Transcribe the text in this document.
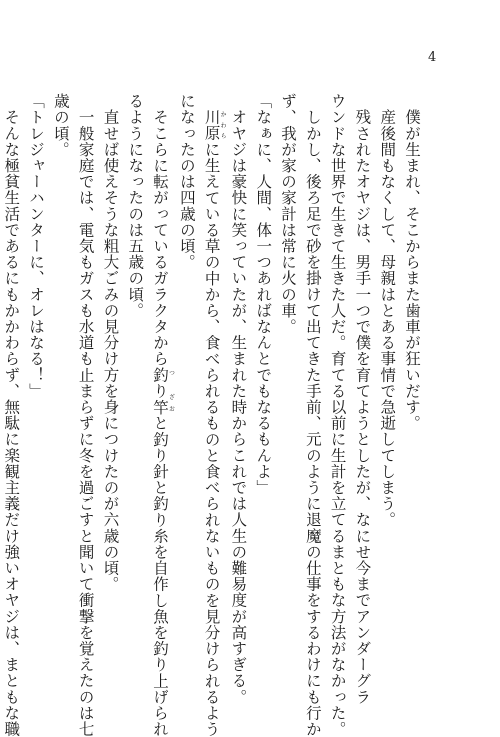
4

　僕が生まれ、そこからまた歯車が狂いだす。

　産後間もなくして、母親はとある事情で急逝してしまう。

　残されたオヤジは、男手一つで僕を育てようとしたが、なにせ今までアンダーグラ

ウンドな世界で生きて生きた人だ。育てる以前に生計を立てるまともな方法がなかった。

　しかし、後ろ足で砂を掛けて出てきた手前、元のように退魔の仕事をするわけにも行か

ず、我が家の家計は常に火の車。

「なぁに、人間、体一つあればなんとでもなるもんよ」

　オヤジは豪快に笑っていたが、生まれた時からこれでは人生の難易度が高すぎる。

　川原かわらに生えている草の中から、食べられるものと食べられないものを見分けられるよう

になったのは四歳の頃。

　そこらに転がっているガラクタから釣り竿つ　ざおと釣り針と釣り糸を自作し魚を釣り上げられ

るようになったのは五歳の頃。

　直せば使えそうな粗大ごみの見分け方を身につけたのが六歳の頃。

　一般家庭では、電気もガスも水道も止まらずに冬を過ごすと聞いて衝撃を覚えたのは七

歳の頃。

「トレジャーハンターに、オレはなる！」

　そんな極貧生活であるにもかかわらず、無駄に楽観主義だけ強いオヤジは、まともな職
